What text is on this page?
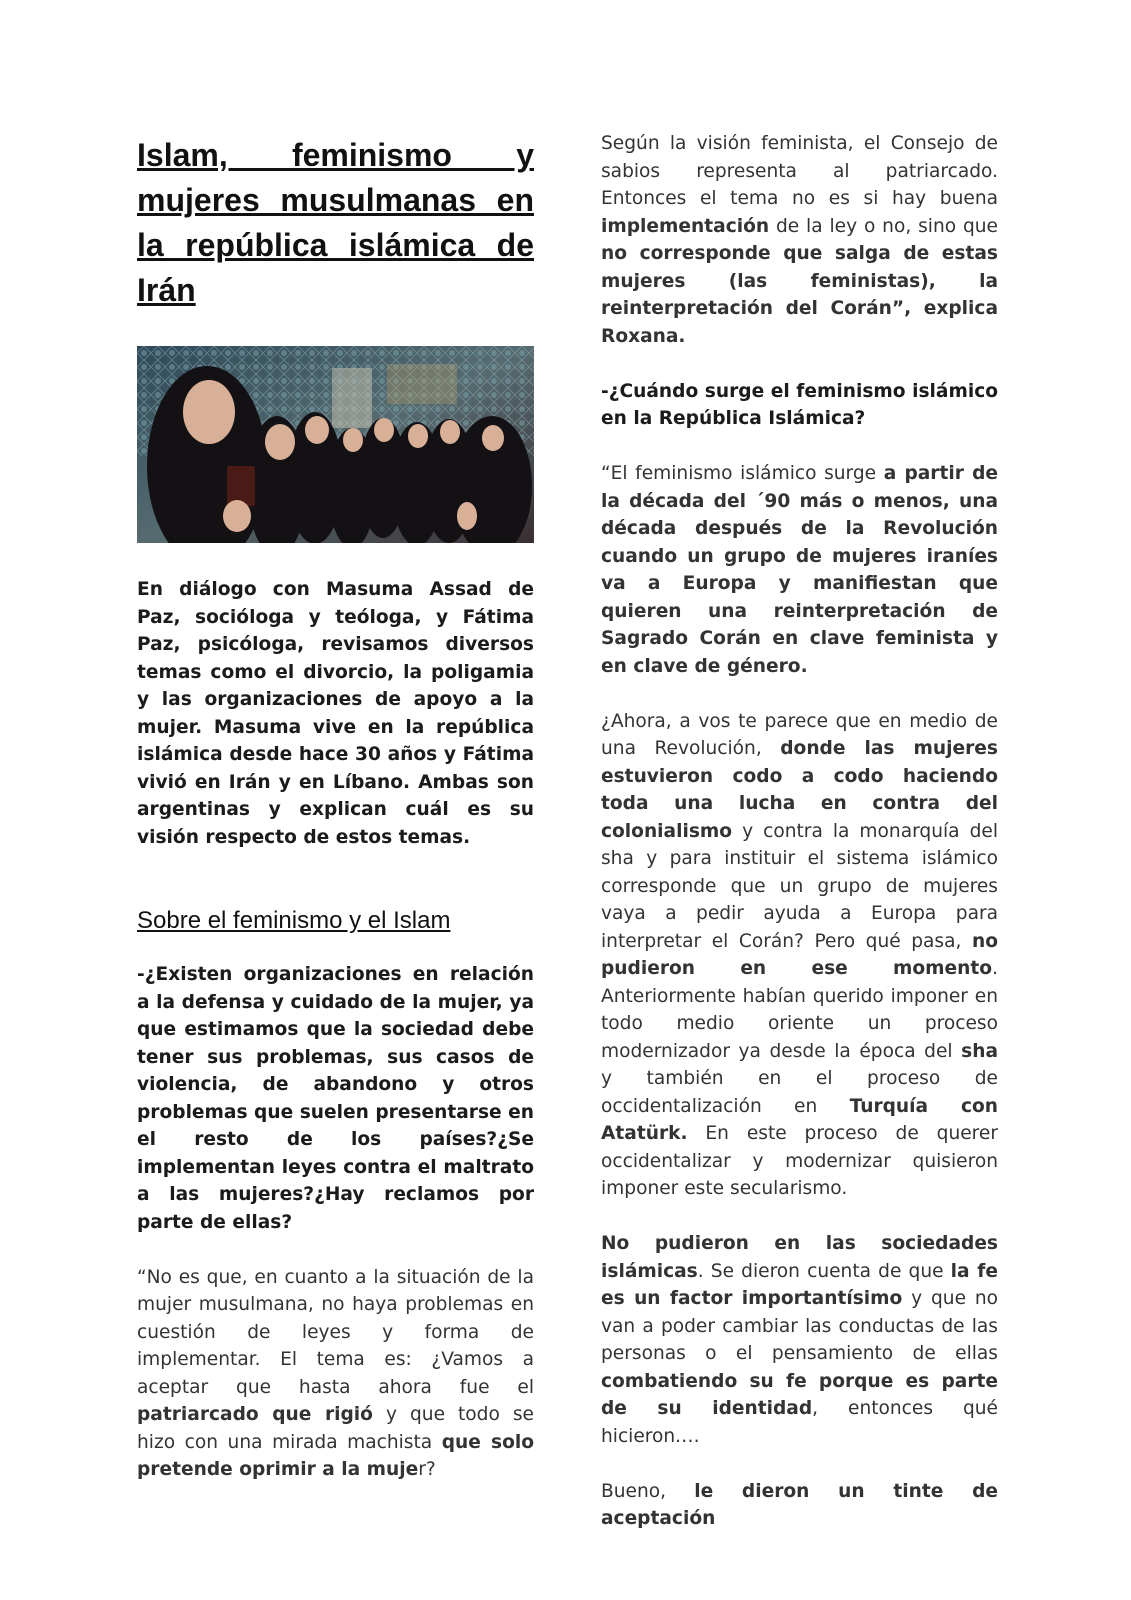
Islam, feminismo y mujeres musulmanas en la república islámica de Irán

En diálogo con Masuma Assad de Paz, socióloga y teóloga, y Fátima Paz, psicóloga, revisamos diversos temas como el divorcio, la poligamia y las organizaciones de apoyo a la mujer. Masuma vive en la república islámica desde hace 30 años y Fátima vivió en Irán y en Líbano. Ambas son argentinas y explican cuál es su visión respecto de estos temas.

Sobre el feminismo y el Islam

-¿Existen organizaciones en relación a la defensa y cuidado de la mujer, ya que estimamos que la sociedad debe tener sus problemas, sus casos de violencia, de abandono y otros problemas que suelen presentarse en el resto de los países?¿Se implementan leyes contra el maltrato a las mujeres?¿Hay reclamos por parte de ellas?

“No es que, en cuanto a la situación de la mujer musulmana, no haya problemas en cuestión de leyes y forma de implementar. El tema es: ¿Vamos a aceptar que hasta ahora fue el patriarcado que rigió y que todo se hizo con una mirada machista que solo pretende oprimir a la mujer?

Según la visión feminista, el Consejo de sabios representa al patriarcado. Entonces el tema no es si hay buena implementación de la ley o no, sino que no corresponde que salga de estas mujeres (las feministas), la reinterpretación del Corán”, explica Roxana.

-¿Cuándo surge el feminismo islámico en la República Islámica?

“El feminismo islámico surge a partir de la década del ´90 más o menos, una década después de la Revolución cuando un grupo de mujeres iraníes va a Europa y manifiestan que quieren una reinterpretación de Sagrado Corán en clave feminista y en clave de género.

¿Ahora, a vos te parece que en medio de una Revolución, donde las mujeres estuvieron codo a codo haciendo toda una lucha en contra del colonialismo y contra la monarquía del sha y para instituir el sistema islámico corresponde que un grupo de mujeres vaya a pedir ayuda a Europa para interpretar el Corán? Pero qué pasa, no pudieron en ese momento. Anteriormente habían querido imponer en todo medio oriente un proceso modernizador ya desde la época del sha y también en el proceso de occidentalización en Turquía con Atatürk. En este proceso de querer occidentalizar y modernizar quisieron imponer este secularismo.

No pudieron en las sociedades islámicas. Se dieron cuenta de que la fe es un factor importantísimo y que no van a poder cambiar las conductas de las personas o el pensamiento de ellas combatiendo su fe porque es parte de su identidad, entonces qué hicieron.…

Bueno, le dieron un tinte de aceptación
